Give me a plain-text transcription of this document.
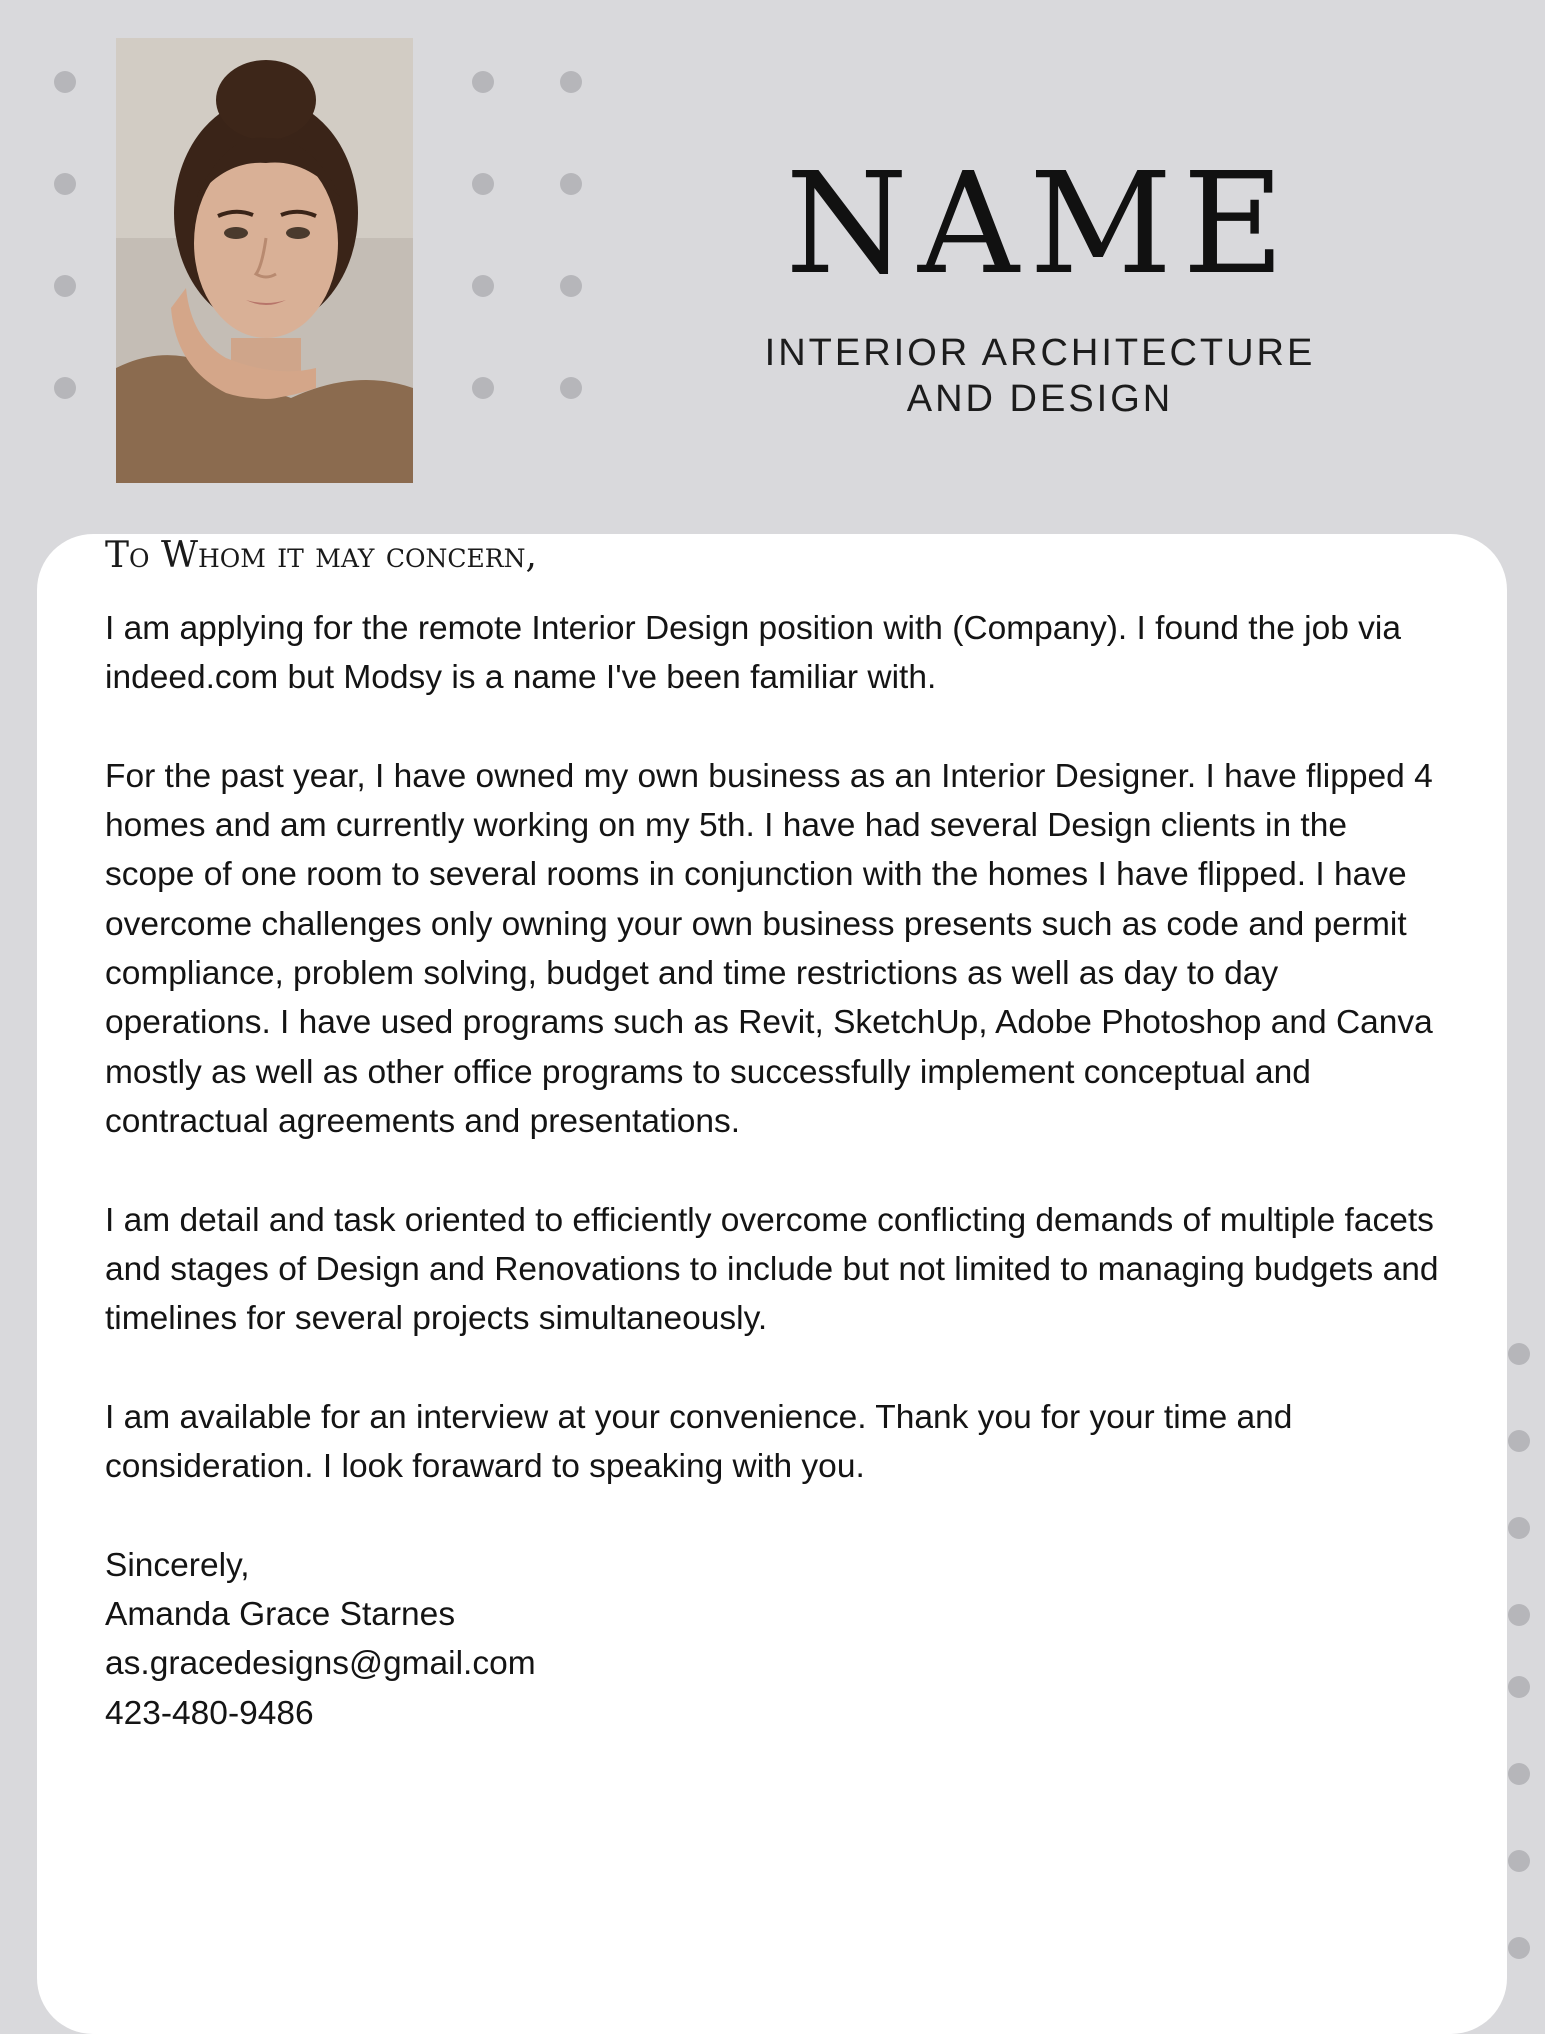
NAME
INTERIOR ARCHITECTURE
AND DESIGN
To Whom it may concern,

I am applying for the remote Interior Design position with (Company). I found the job via indeed.com but Modsy is a name I've been familiar with.

For the past year, I have owned my own business as an Interior Designer. I have flipped 4 homes and am currently working on my 5th. I have had several Design clients in the scope of one room to several rooms in conjunction with the homes I have flipped. I have overcome challenges only owning your own business presents such as code and permit compliance, problem solving, budget and time restrictions as well as day to day operations. I have used programs such as Revit, SketchUp, Adobe Photoshop and Canva mostly as well as other office programs to successfully implement conceptual and contractual agreements and presentations.

I am detail and task oriented to efficiently overcome conflicting demands of multiple facets and stages of Design and Renovations to include but not limited to managing budgets and timelines for several projects simultaneously.

I am available for an interview at your convenience. Thank you for your time and consideration. I look foraward to speaking with you.

Sincerely,
Amanda Grace Starnes
as.gracedesigns@gmail.com
423-480-9486
